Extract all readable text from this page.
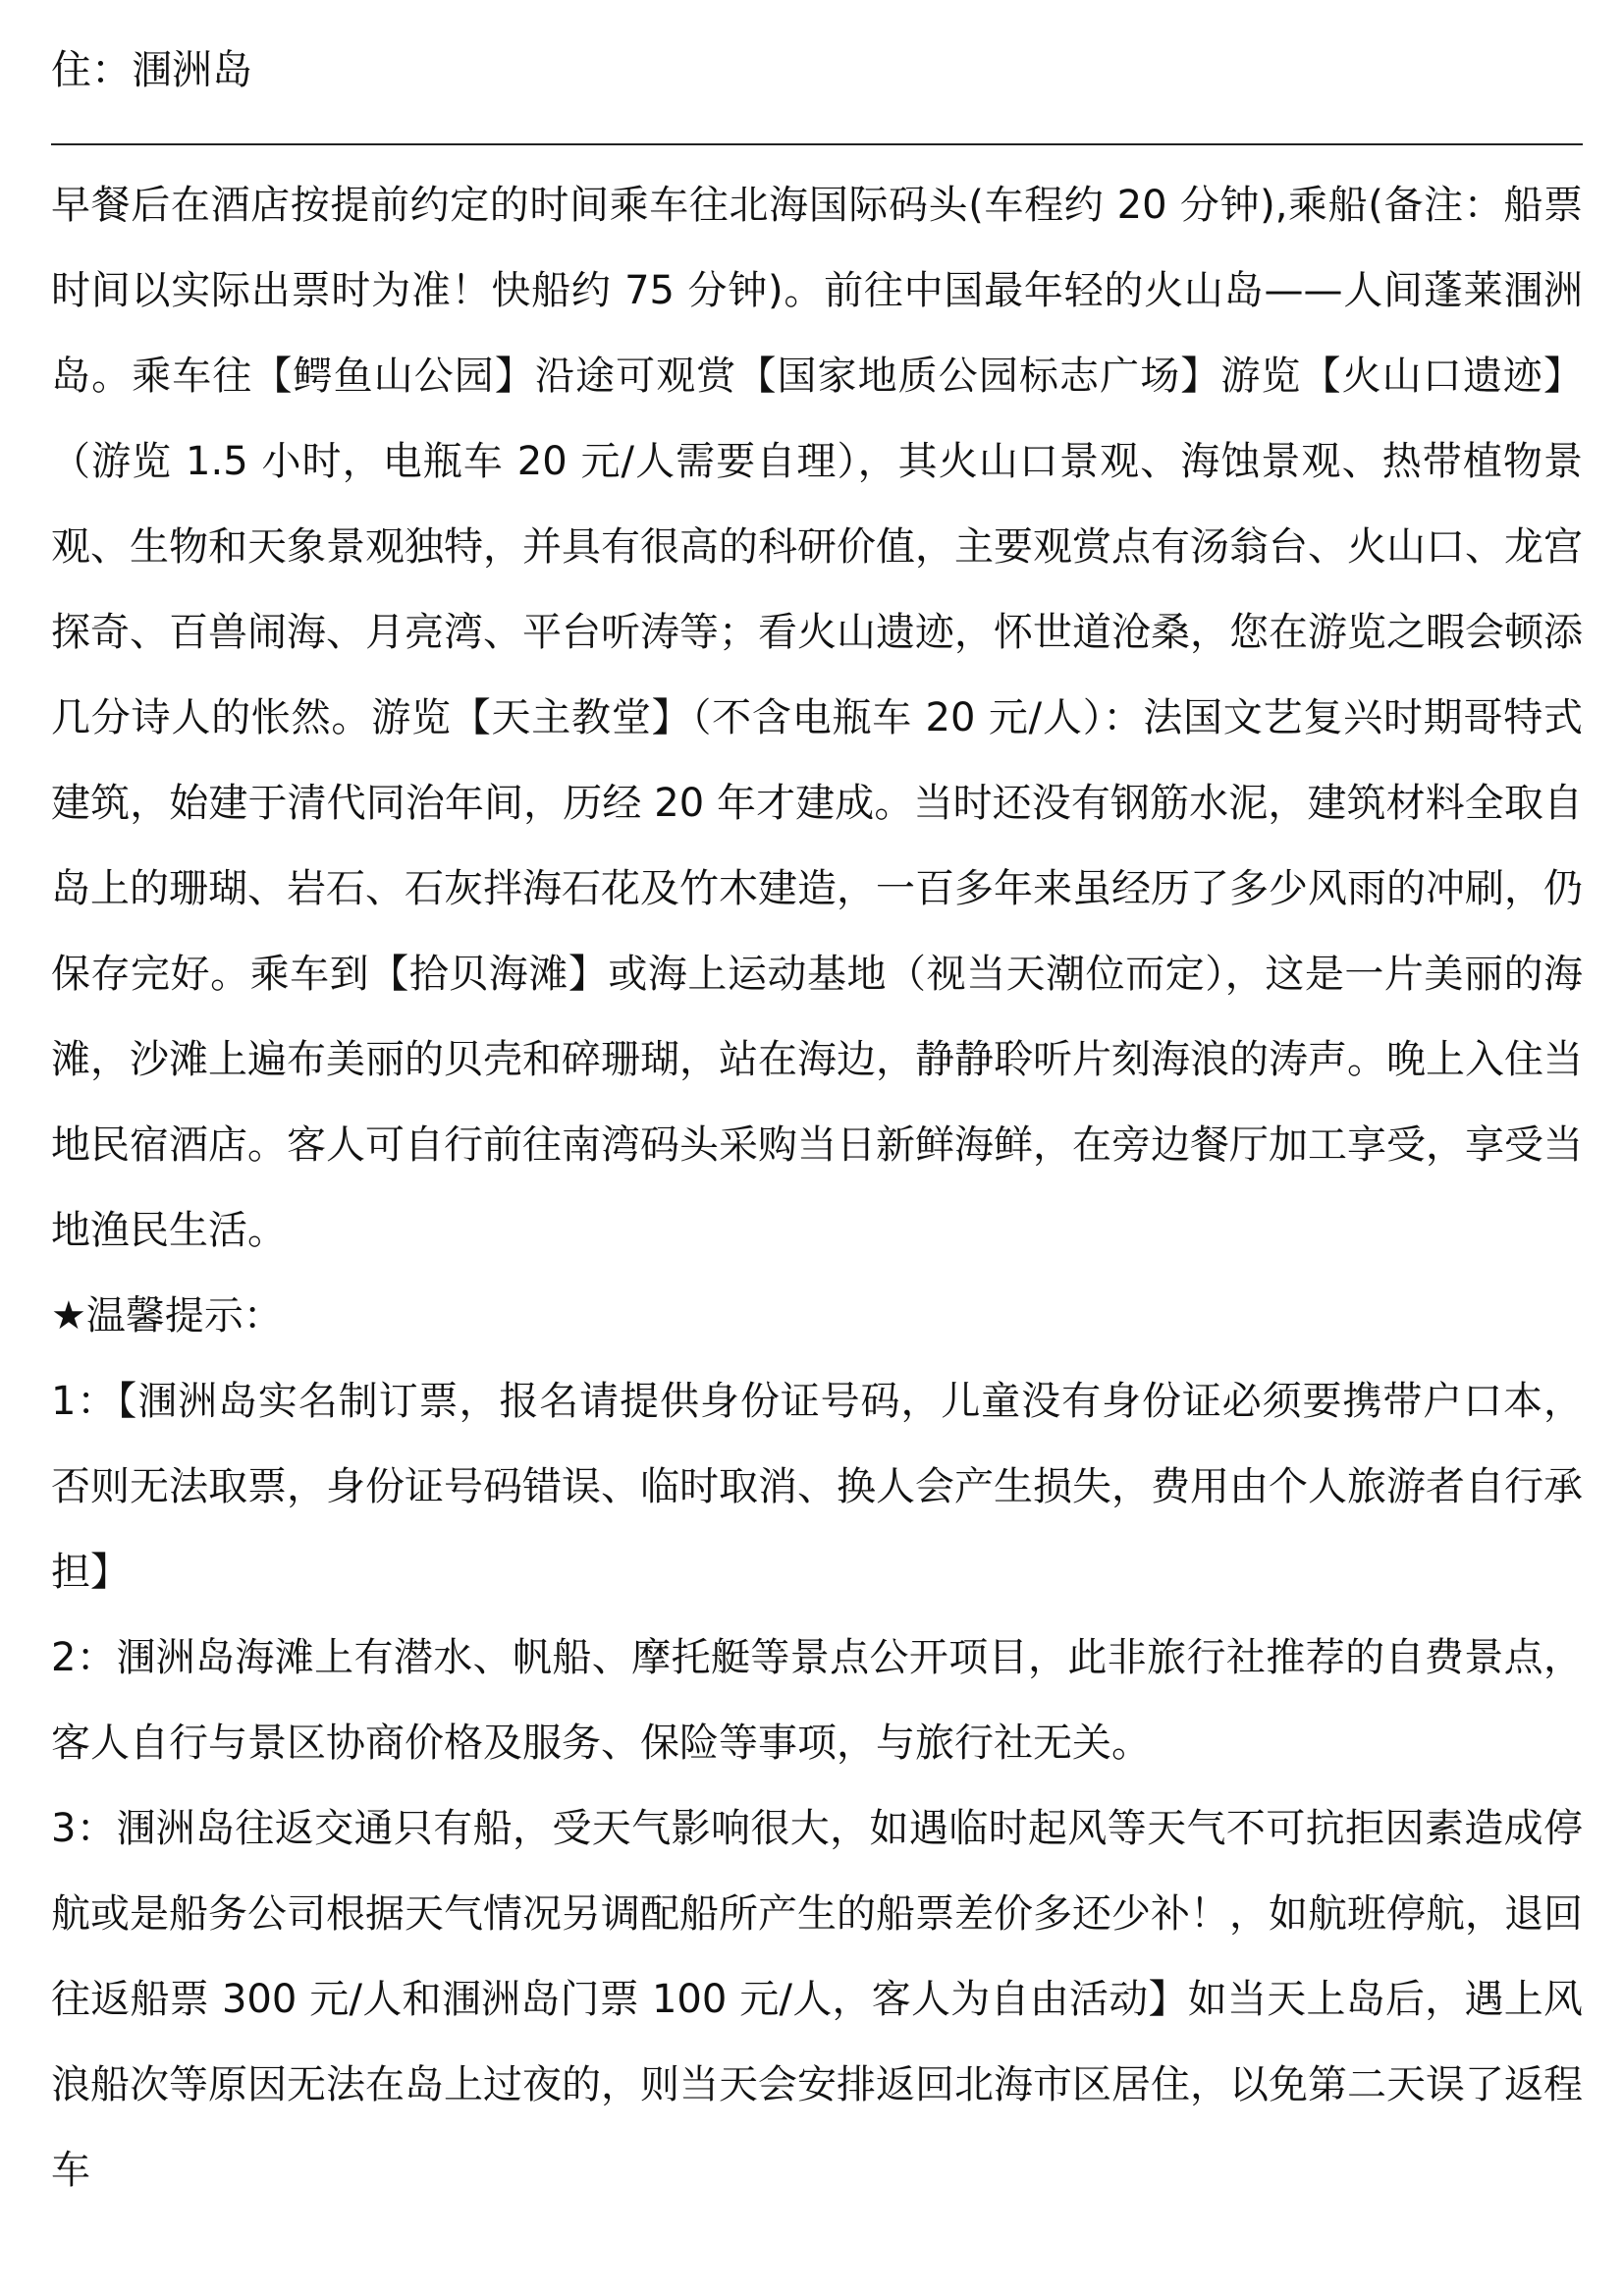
住：涠洲岛

早餐后在酒店按提前约定的时间乘车往北海国际码头(车程约 20 分钟),乘船(备注：船票时间以实际出票时为准！快船约 75 分钟)。前往中国最年轻的火山岛——人间蓬莱涠洲岛。乘车往【鳄鱼山公园】沿途可观赏【国家地质公园标志广场】游览【火山口遗迹】（游览 1.5 小时，电瓶车 20 元/人需要自理），其火山口景观、海蚀景观、热带植物景观、生物和天象景观独特，并具有很高的科研价值，主要观赏点有汤翁台、火山口、龙宫探奇、百兽闹海、月亮湾、平台听涛等；看火山遗迹，怀世道沧桑，您在游览之暇会顿添几分诗人的怅然。游览【天主教堂】（不含电瓶车 20 元/人）：法国文艺复兴时期哥特式建筑，始建于清代同治年间，历经 20 年才建成。当时还没有钢筋水泥，建筑材料全取自岛上的珊瑚、岩石、石灰拌海石花及竹木建造，一百多年来虽经历了多少风雨的冲刷，仍保存完好。乘车到【拾贝海滩】或海上运动基地（视当天潮位而定），这是一片美丽的海滩，沙滩上遍布美丽的贝壳和碎珊瑚，站在海边，静静聆听片刻海浪的涛声。晚上入住当地民宿酒店。客人可自行前往南湾码头采购当日新鲜海鲜，在旁边餐厅加工享受，享受当地渔民生活。

★温馨提示：

1：【涠洲岛实名制订票，报名请提供身份证号码，儿童没有身份证必须要携带户口本，否则无法取票，身份证号码错误、临时取消、换人会产生损失，费用由个人旅游者自行承担】

2：涠洲岛海滩上有潜水、帆船、摩托艇等景点公开项目，此非旅行社推荐的自费景点，客人自行与景区协商价格及服务、保险等事项，与旅行社无关。

3：涠洲岛往返交通只有船，受天气影响很大，如遇临时起风等天气不可抗拒因素造成停航或是船务公司根据天气情况另调配船所产生的船票差价多还少补！，如航班停航，退回往返船票 300 元/人和涠洲岛门票 100 元/人，客人为自由活动】如当天上岛后，遇上风浪船次等原因无法在岛上过夜的，则当天会安排返回北海市区居住，以免第二天误了返程车
